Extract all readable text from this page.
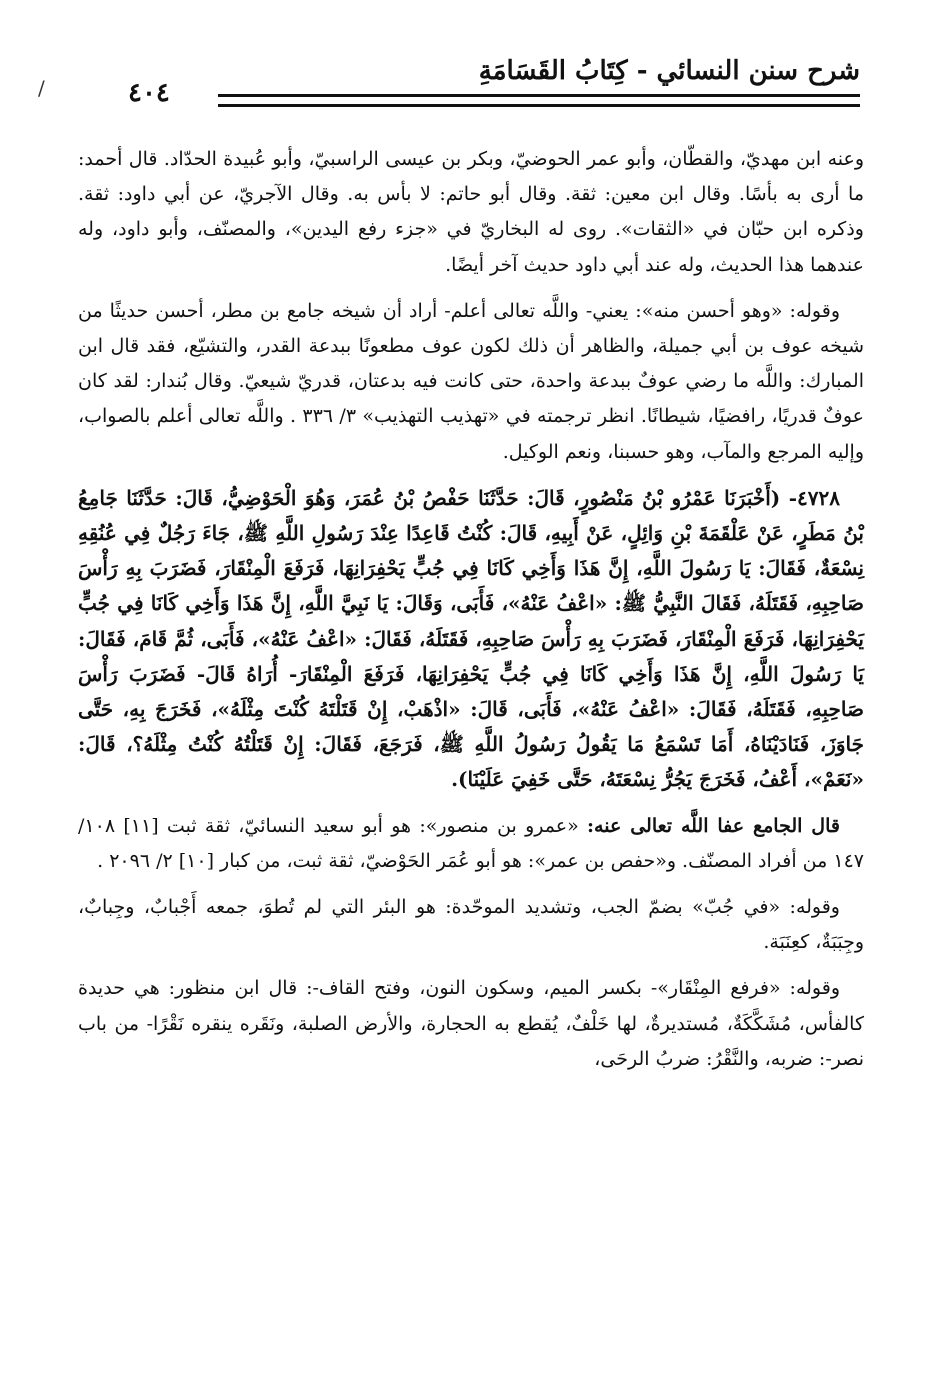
شرح سنن النسائي - كِتَابُ القَسَامَةِ
٤٠٤
/

وعنه ابن مهديّ، والقطّان، وأبو عمر الحوضيّ، وبكر بن عيسى الراسبيّ، وأبو عُبيدة الحدّاد. قال أحمد: ما أرى به بأسًا. وقال ابن معين: ثقة. وقال أبو حاتم: لا بأس به. وقال الآجريّ، عن أبي داود: ثقة. وذكره ابن حبّان في «الثقات». روى له البخاريّ في «جزء رفع اليدين»، والمصنّف، وأبو داود، وله عندهما هذا الحديث، وله عند أبي داود حديث آخر أيضًا.

وقوله: «وهو أحسن منه»: يعني- واللَّه تعالى أعلم- أراد أن شيخه جامع بن مطر، أحسن حديثًا من شيخه عوف بن أبي جميلة، والظاهر أن ذلك لكون عوف مطعونًا ببدعة القدر، والتشيّع، فقد قال ابن المبارك: واللَّه ما رضي عوفٌ ببدعة واحدة، حتى كانت فيه بدعتان، قدريّ شيعيّ. وقال بُندار: لقد كان عوفٌ قدريًا، رافضيًا، شيطانًا. انظر ترجمته في «تهذيب التهذيب» ٣/ ٣٣٦ . واللَّه تعالى أعلم بالصواب، وإليه المرجع والمآب، وهو حسبنا، ونعم الوكيل.

٤٧٢٨- (أَخْبَرَنَا عَمْرُو بْنُ مَنْصُورٍ، قَالَ: حَدَّثَنَا حَفْصُ بْنُ عُمَرَ، وَهُوَ الْحَوْضِيُّ، قَالَ: حَدَّثَنَا جَامِعُ بْنُ مَطَرٍ، عَنْ عَلْقَمَةَ بْنِ وَائِلٍ، عَنْ أَبِيهِ، قَالَ: كُنْتُ قَاعِدًا عِنْدَ رَسُولِ اللَّهِ ﷺ، جَاءَ رَجُلٌ فِي عُنُقِهِ نِسْعَةٌ، فَقَالَ: يَا رَسُولَ اللَّهِ، إِنَّ هَذَا وَأَخِي كَانَا فِي جُبٍّ يَحْفِرَانِهَا، فَرَفَعَ الْمِنْقَارَ، فَضَرَبَ بِهِ رَأْسَ صَاحِبِهِ، فَقَتَلَهُ، فَقَالَ النَّبِيُّ ﷺ: «اعْفُ عَنْهُ»، فَأَبَى، وَقَالَ: يَا نَبِيَّ اللَّهِ، إِنَّ هَذَا وَأَخِي كَانَا فِي جُبٍّ يَحْفِرَانِهَا، فَرَفَعَ الْمِنْقَارَ، فَضَرَبَ بِهِ رَأْسَ صَاحِبِهِ، فَقَتَلَهُ، فَقَالَ: «اعْفُ عَنْهُ»، فَأَبَى، ثُمَّ قَامَ، فَقَالَ: يَا رَسُولَ اللَّهِ، إِنَّ هَذَا وَأَخِي كَانَا فِي جُبٍّ يَحْفِرَانِهَا، فَرَفَعَ الْمِنْقَارَ- أُرَاهُ قَالَ- فَضَرَبَ رَأْسَ صَاحِبِهِ، فَقَتَلَهُ، فَقَالَ: «اعْفُ عَنْهُ»، فَأَبَى، قَالَ: «اذْهَبْ، إِنْ قَتَلْتَهُ كُنْتَ مِثْلَهُ»، فَخَرَجَ بِهِ، حَتَّى جَاوَزَ، فَنَادَيْنَاهُ، أَمَا تَسْمَعُ مَا يَقُولُ رَسُولُ اللَّهِ ﷺ، فَرَجَعَ، فَقَالَ: إِنْ قَتَلْتُهُ كُنْتُ مِثْلَهُ؟، قَالَ: «نَعَمْ»، أَعْفُ، فَخَرَجَ يَجُرُّ نِسْعَتَهُ، حَتَّى خَفِيَ عَلَيْنَا).

قال الجامع عفا اللَّه تعالى عنه: «عمرو بن منصور»: هو أبو سعيد النسائيّ، ثقة ثبت [١١] ١٠٨/ ١٤٧ من أفراد المصنّف. و«حفص بن عمر»: هو أبو عُمَر الحَوْضيّ، ثقة ثبت، من كبار [١٠] ٢/ ٢٠٩٦ .

وقوله: «في جُبّ» بضمّ الجب، وتشديد الموحّدة: هو البئر التي لم تُطوَ، جمعه أَجْبابٌ، وجِبابٌ، وجِبَبَةٌ، كعِنَبَة.

وقوله: «فرفع المِنْقَار»- بكسر الميم، وسكون النون، وفتح القاف-: قال ابن منظور: هي حديدة كالفأس، مُشَكَّكَةٌ، مُستديرةٌ، لها خَلْفٌ، يُقطع به الحجارة، والأرض الصلبة، ونَقَره ينقره نَقْرًا- من باب نصر-: ضربه، والنَّقْرُ: ضربُ الرحَى،
